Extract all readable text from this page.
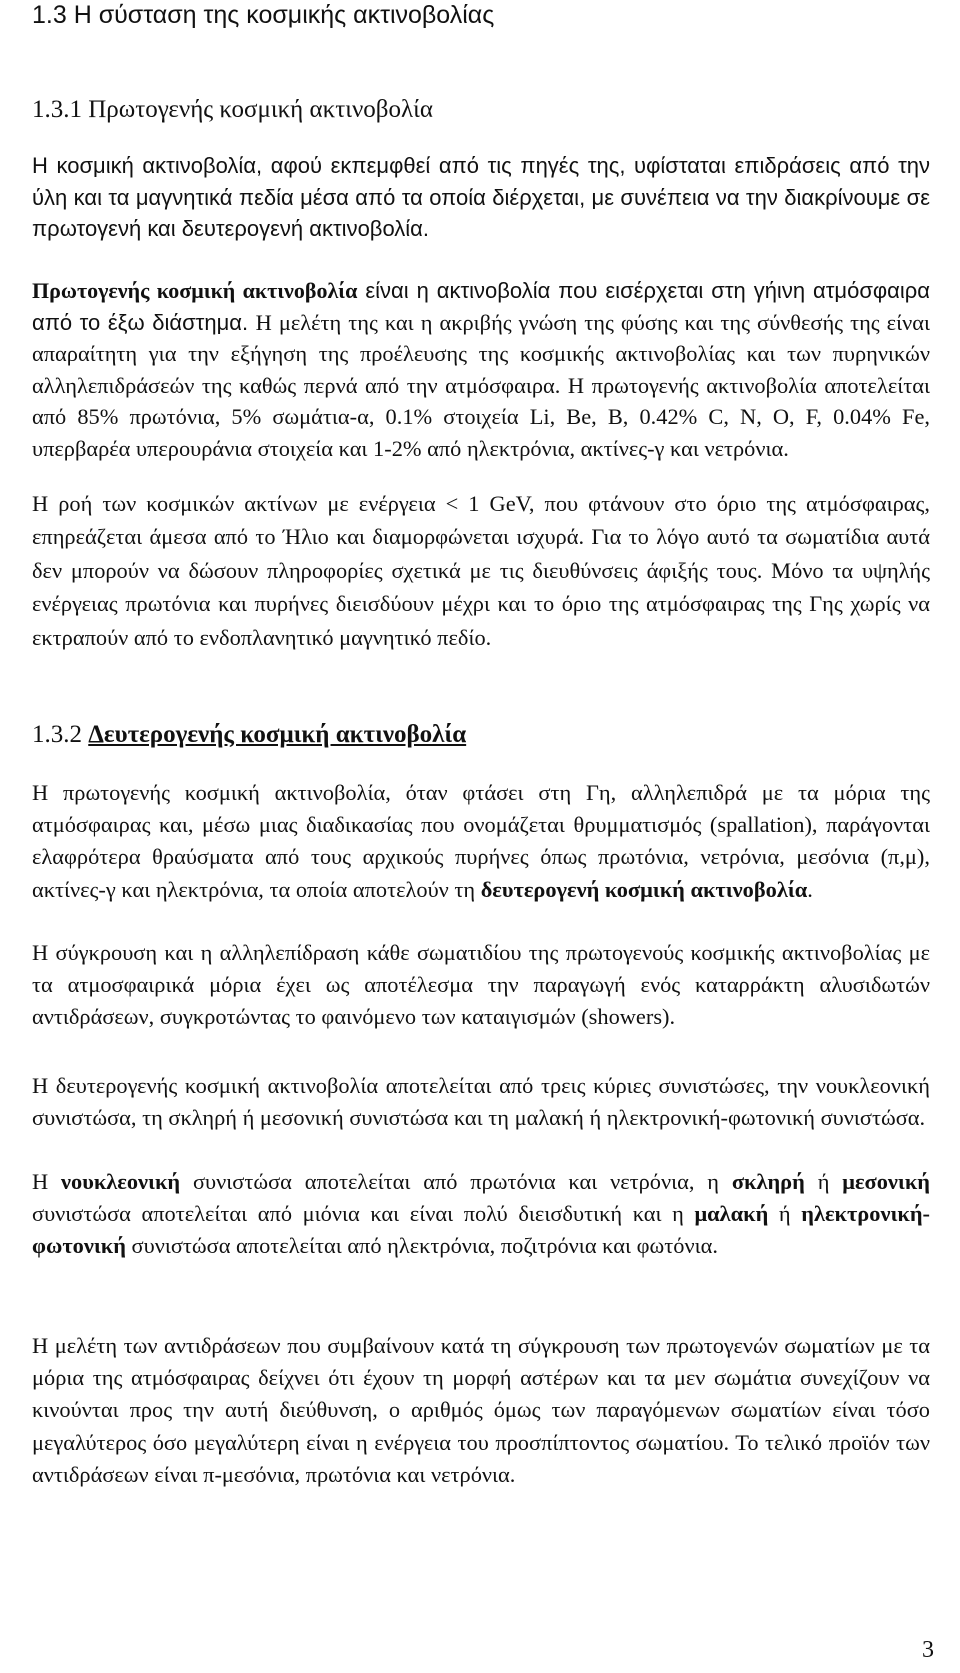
1.3 Η σύσταση της κοσμικής ακτινοβολίας
1.3.1 Πρωτογενής κοσμική ακτινοβολία

Η κοσμική ακτινοβολία, αφού εκπεμφθεί από τις πηγές της, υφίσταται επιδράσεις από την ύλη και τα μαγνητικά πεδία μέσα από τα οποία διέρχεται, με συνέπεια να την διακρίνουμε σε πρωτογενή και δευτερογενή ακτινοβολία.

Πρωτογενής κοσμική ακτινοβολία είναι η ακτινοβολία που εισέρχεται στη γήινη ατμόσφαιρα από το έξω διάστημα. Η μελέτη της και η ακριβής γνώση της φύσης και της σύνθεσής της είναι απαραίτητη για την εξήγηση της προέλευσης της κοσμικής ακτινοβολίας και των πυρηνικών αλληλεπιδράσεών της καθώς περνά από την ατμόσφαιρα. Η πρωτογενής ακτινοβολία αποτελείται από 85% πρωτόνια, 5% σωμάτια-α, 0.1% στοιχεία Li, Be, B, 0.42% C, N, O, F, 0.04% Fe, υπερβαρέα υπερουράνια στοιχεία και 1-2% από ηλεκτρόνια, ακτίνες-γ και νετρόνια.

Η ροή των κοσμικών ακτίνων με ενέργεια < 1 GeV, που φτάνουν στο όριο της ατμόσφαιρας, επηρεάζεται άμεσα από το Ήλιο και διαμορφώνεται ισχυρά. Για το λόγο αυτό τα σωματίδια αυτά δεν μπορούν να δώσουν πληροφορίες σχετικά με τις διευθύνσεις άφιξής τους. Μόνο τα υψηλής ενέργειας πρωτόνια και πυρήνες διεισδύουν μέχρι και το όριο της ατμόσφαιρας της Γης χωρίς να εκτραπούν από το ενδοπλανητικό μαγνητικό πεδίο.

1.3.2 Δευτερογενής κοσμική ακτινοβολία

Η πρωτογενής κοσμική ακτινοβολία, όταν φτάσει στη Γη, αλληλεπιδρά με τα μόρια της ατμόσφαιρας και, μέσω μιας διαδικασίας που ονομάζεται θρυμματισμός (spallation), παράγονται ελαφρότερα θραύσματα από τους αρχικούς πυρήνες όπως πρωτόνια, νετρόνια, μεσόνια (π,μ), ακτίνες-γ και ηλεκτρόνια, τα οποία αποτελούν τη δευτερογενή κοσμική ακτινοβολία.

Η σύγκρουση και η αλληλεπίδραση κάθε σωματιδίου της πρωτογενούς κοσμικής ακτινοβολίας με τα ατμοσφαιρικά μόρια έχει ως αποτέλεσμα την παραγωγή ενός καταρράκτη αλυσιδωτών αντιδράσεων, συγκροτώντας το φαινόμενο των καταιγισμών (showers).

Η δευτερογενής κοσμική ακτινοβολία αποτελείται από τρεις κύριες συνιστώσες, την νουκλεονική συνιστώσα, τη σκληρή ή μεσονική συνιστώσα και τη μαλακή ή ηλεκτρονική-φωτονική συνιστώσα.

Η νουκλεονική συνιστώσα αποτελείται από πρωτόνια και νετρόνια, η σκληρή ή μεσονική συνιστώσα αποτελείται από μιόνια και είναι πολύ διεισδυτική και η μαλακή ή ηλεκτρονική-φωτονική συνιστώσα αποτελείται από ηλεκτρόνια, ποζιτρόνια και φωτόνια.

Η μελέτη των αντιδράσεων που συμβαίνουν κατά τη σύγκρουση των πρωτογενών σωματίων με τα μόρια της ατμόσφαιρας δείχνει ότι έχουν τη μορφή αστέρων και τα μεν σωμάτια συνεχίζουν να κινούνται προς την αυτή διεύθυνση, ο αριθμός όμως των παραγόμενων σωματίων είναι τόσο μεγαλύτερος όσο μεγαλύτερη είναι η ενέργεια του προσπίπτοντος σωματίου. Το τελικό προϊόν των αντιδράσεων είναι π-μεσόνια, πρωτόνια και νετρόνια.

3
